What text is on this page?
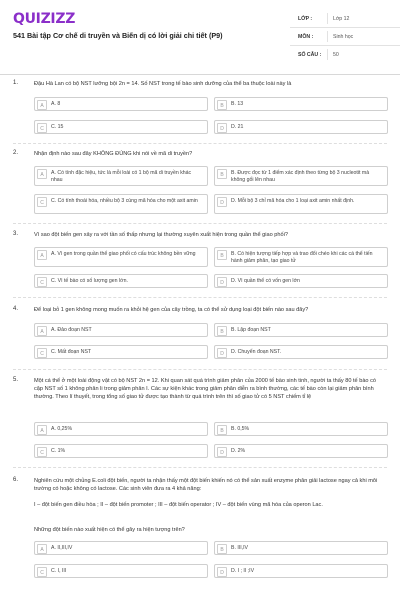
QUIZIZZ
541 Bài tập Cơ chế di truyền và Biến dị có lời giải chi tiết (P9)
LỚP :	Lớp 12
MÔN :	Sinh học
SỐ CÂU : 50
1.	Đậu Hà Lan có bộ NST lưỡng bội 2n = 14. Số NST trong tế bào sinh dưỡng của thể ba thuộc loài này là
A	A. 8	B	B. 13
C	C. 15	D	D. 21
2.	Nhận định nào sau đây KHÔNG ĐÚNG khi nói về mã di truyền?
A	A. Có tính đặc hiệu, tức là mỗi loài có 1 bộ mã di truyền khác nhau
B	B. Được đọc từ 1 điểm xác định theo từng bộ 3 nucleotit mà không gối lên nhau
C	C. Có tính thoái hóa, nhiều bộ 3 cùng mã hóa cho một axit amin	D	D. Mỗi bộ 3 chỉ mã hóa cho 1 loại axit amin nhất định.
3.	Vì sao đột biến gen xảy ra với tần số thấp nhưng lại thường xuyên xuất hiện trong quần thể giao phối?
A	A. Vì gen trong quần thể giao phối có cấu trúc không bền vững	B	B. Có hiện tượng tiếp hợp và trao đổi chéo khi các cá thể tiến hành giảm phân, tạo giao tử
C	C. Vì tế bào có số lượng gen lớn.	D	D. Vì quần thể có vốn gen lớn
4.	Để loại bỏ 1 gen không mong muốn ra khỏi hệ gen của cây trồng, ta có thể sử dụng loại đột biến nào sau đây?
A	A. Đảo đoạn NST	B	B. Lặp đoạn NST
C	C. Mất đoạn NST	D	D. Chuyển đoạn NST.
5.	Một cá thể ở một loài động vật có bộ NST 2n = 12. Khi quan sát quá trình giảm phân của 2000 tế bào sinh tinh, người ta thấy 80 tế bào có cặp NST số 1 không phân li trong giảm phân I. Các sự kiện khác trong giảm phân diễn ra bình thường, các tế bào còn lại giảm phân bình thường. Theo lí thuyết, trong tổng số giao tử được tạo thành từ quá trình trên thì số giao tử có 5 NST chiếm tỉ lệ
A	A. 0,25%	B	B. 0,5%
C	C. 1%	D	D. 2%
6.	Nghiên cứu một chủng E.coli đột biến, người ta nhận thấy một đột biến khiến nó có thể sản xuất enzyme phân giải lactose ngay cả khi môi trường có hoặc không có lactose. Các sinh viên đưa ra 4 khả năng:
I – đột biến gen điều hòa ; II – đột biến promoter ; III – đột biến operator ; IV – đột biến vùng mã hóa của operon Lac.
Những đột biến nào xuất hiện có thể gây ra hiện tượng trên?
A	A. II,III,IV	B	B. III,IV
C	C. I, III	D	D. I ; II ;IV
